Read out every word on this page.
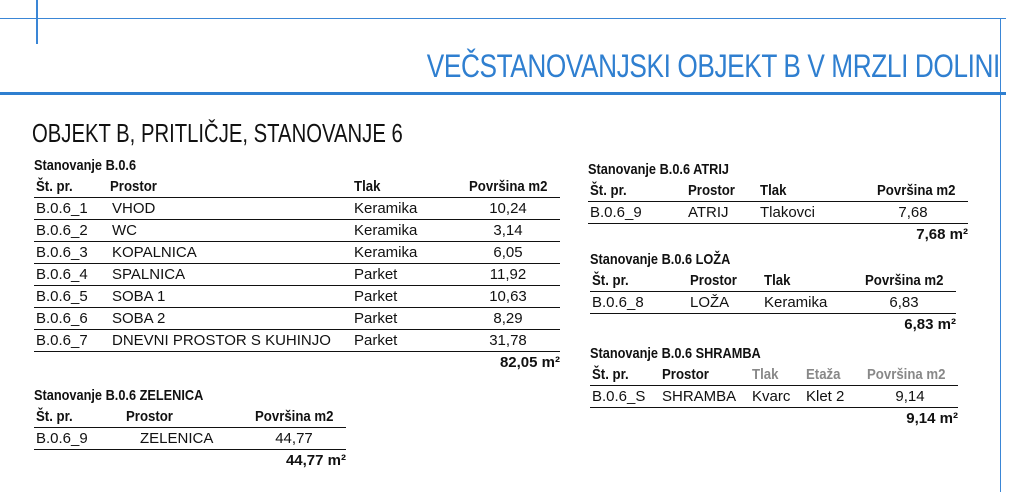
VEČSTANOVANJSKI OBJEKT B V MRZLI DOLINI
OBJEKT B, PRITLIČJE, STANOVANJE 6
Stanovanje B.0.6
Št. pr.	Prostor	Tlak	Površina m2
B.0.6_1	VHOD	Keramika	10,24
B.0.6_2	WC	Keramika	3,14
B.0.6_3	KOPALNICA	Keramika	6,05
B.0.6_4	SPALNICA	Parket	11,92
B.0.6_5	SOBA 1	Parket	10,63
B.0.6_6	SOBA 2	Parket	8,29
B.0.6_7	DNEVNI PROSTOR S KUHINJO	Parket	31,78
82,05 m²
Stanovanje B.0.6 ZELENICA
Št. pr.	Prostor	Površina m2
B.0.6_9	ZELENICA	44,77
44,77 m²
Stanovanje B.0.6 ATRIJ
Št. pr.	Prostor	Tlak	Površina m2
B.0.6_9	ATRIJ	Tlakovci	7,68
7,68 m²
Stanovanje B.0.6 LOŽA
Št. pr.	Prostor	Tlak	Površina m2
B.0.6_8	LOŽA	Keramika	6,83
6,83 m²
Stanovanje B.0.6 SHRAMBA
Št. pr.	Prostor	Tlak	Etaža	Površina m2
B.0.6_S	SHRAMBA	Kvarc	Klet 2	9,14
9,14 m²
